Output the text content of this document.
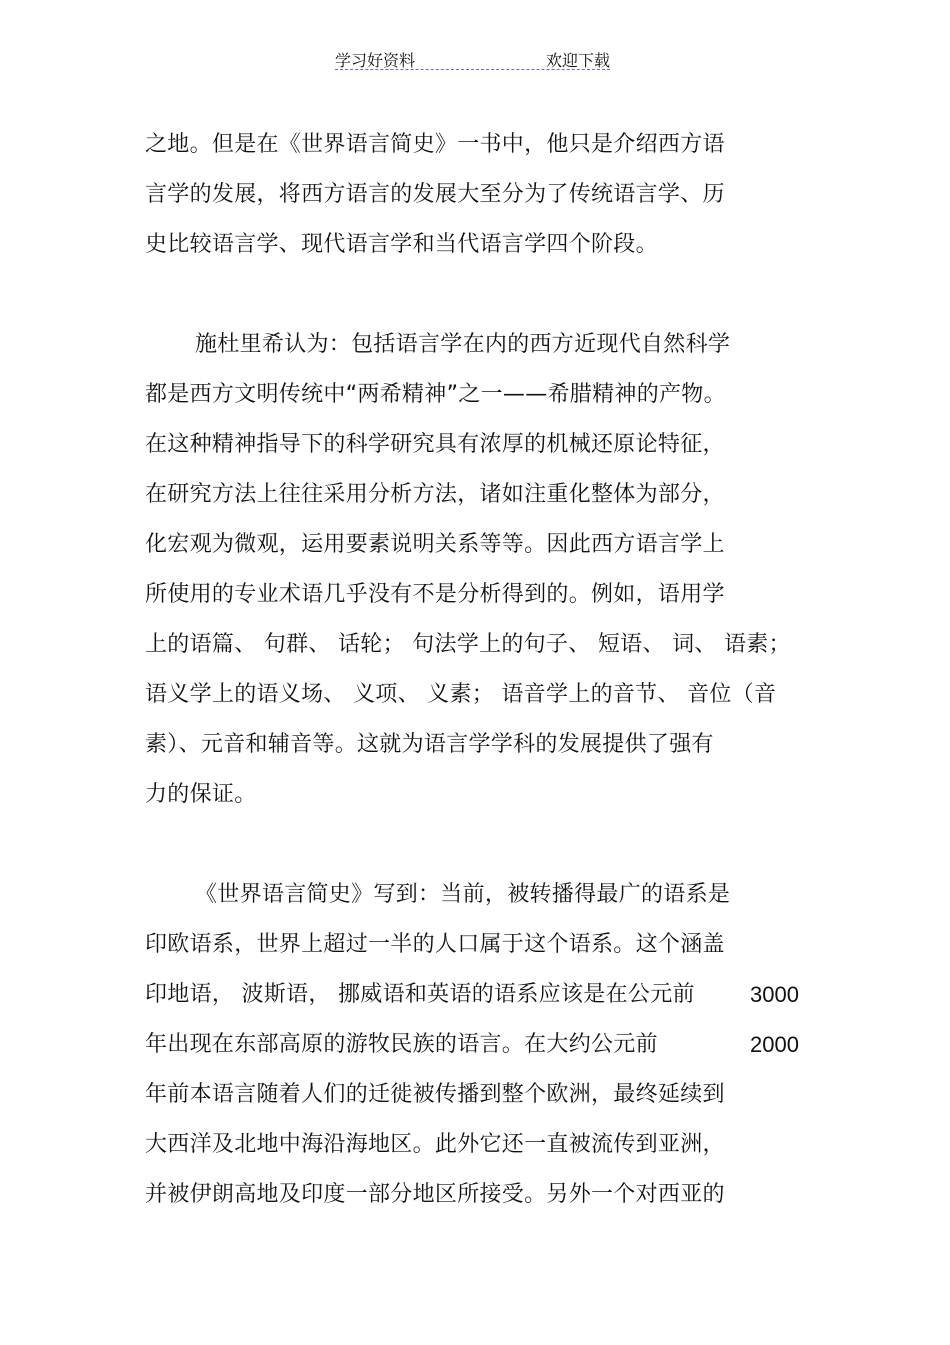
学习好资料	欢迎下载
之地。但是在《世界语言简史》一书中，他只是介绍西方语
言学的发展，将西方语言的发展大至分为了传统语言学、历
史比较语言学、现代语言学和当代语言学四个阶段。
施杜里希认为：包括语言学在内的西方近现代自然科学
都是西方文明传统中“两希精神”之一——希腊精神的产物。
在这种精神指导下的科学研究具有浓厚的机械还原论特征，
在研究方法上往往采用分析方法，诸如注重化整体为部分，
化宏观为微观，运用要素说明关系等等。因此西方语言学上
所使用的专业术语几乎没有不是分析得到的。例如，语用学
上的语篇、 句群、 话轮； 句法学上的句子、 短语、 词、 语素；
语义学上的语义场、 义项、 义素； 语音学上的音节、 音位（音
素）、元音和辅音等。这就为语言学学科的发展提供了强有
力的保证。
《世界语言简史》写到：当前，被转播得最广的语系是
印欧语系，世界上超过一半的人口属于这个语系。这个涵盖
印地语， 波斯语， 挪威语和英语的语系应该是在公元前	3000
年出现在东部高原的游牧民族的语言。在大约公元前	2000
年前本语言随着人们的迁徙被传播到整个欧洲，最终延续到
大西洋及北地中海沿海地区。此外它还一直被流传到亚洲，
并被伊朗高地及印度一部分地区所接受。另外一个对西亚的
